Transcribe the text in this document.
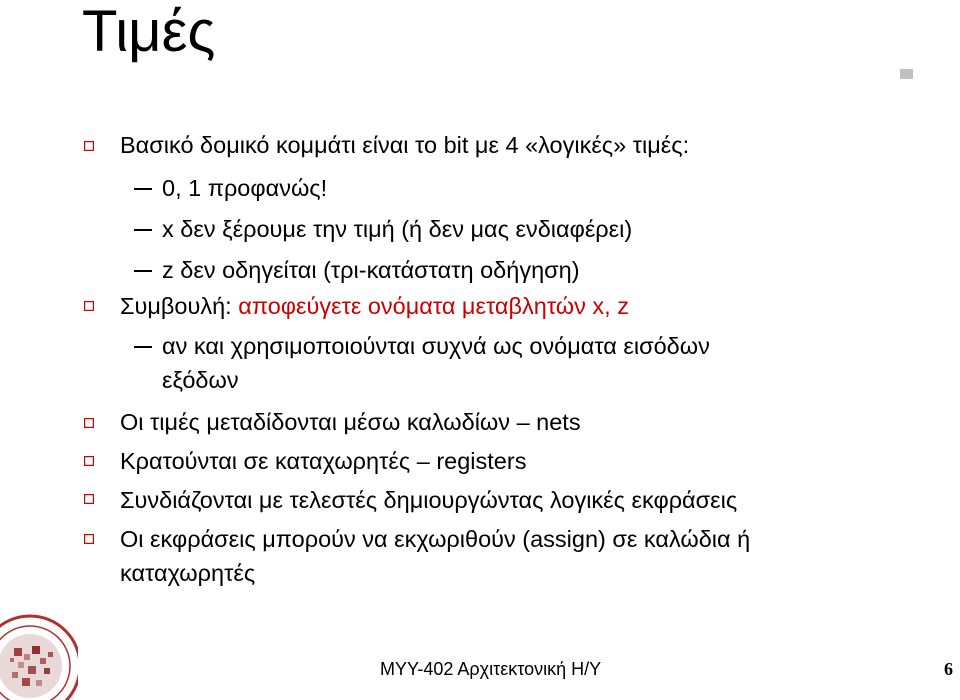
Τιμές
Βασικό δομικό κομμάτι είναι το bit με 4 «λογικές» τιμές:
0, 1 προφανώς!
x δεν ξέρουμε την τιμή (ή δεν μας ενδιαφέρει)
z δεν οδηγείται (τρι-κατάστατη οδήγηση)
Συμβουλή: αποφεύγετε ονόματα μεταβλητών x, z
αν και χρησιμοποιούνται συχνά ως ονόματα εισόδων
εξόδων
Οι τιμές μεταδίδονται μέσω καλωδίων – nets
Κρατούνται σε καταχωρητές – registers
Συνδιάζονται με τελεστές δημιουργώντας λογικές εκφράσεις
Οι εκφράσεις μπορούν να εκχωριθούν (assign) σε καλώδια ή
καταχωρητές
ΜΥΥ-402 Αρχιτεκτονική Η/Υ	6
